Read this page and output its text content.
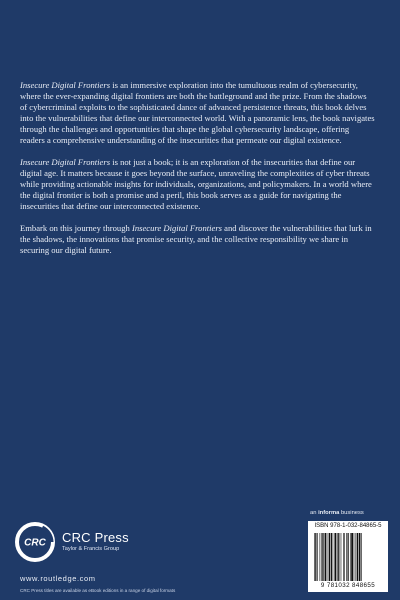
Insecure Digital Frontiers is an immersive exploration into the tumultuous realm of cybersecurity, where the ever-expanding digital frontiers are both the battleground and the prize. From the shadows of cybercriminal exploits to the sophisticated dance of advanced persistence threats, this book delves into the vulnerabilities that define our interconnected world. With a panoramic lens, the book navigates through the challenges and opportunities that shape the global cybersecurity landscape, offering readers a comprehensive understanding of the insecurities that permeate our digital existence.

Insecure Digital Frontiers is not just a book; it is an exploration of the insecurities that define our digital age. It matters because it goes beyond the surface, unraveling the complexities of cyber threats while providing actionable insights for individuals, organizations, and policymakers. In a world where the digital frontier is both a promise and a peril, this book serves as a guide for navigating the insecurities that define our interconnected existence.

Embark on this journey through Insecure Digital Frontiers and discover the vulnerabilities that lurk in the shadows, the innovations that promise security, and the collective responsibility we share in securing our digital future.

CRC CRC Press
Taylor & Francis Group
www.routledge.com
CRC Press titles are available as eBook editions in a range of digital formats
an informa business
ISBN 978-1-032-84865-5
9 781032 848655
